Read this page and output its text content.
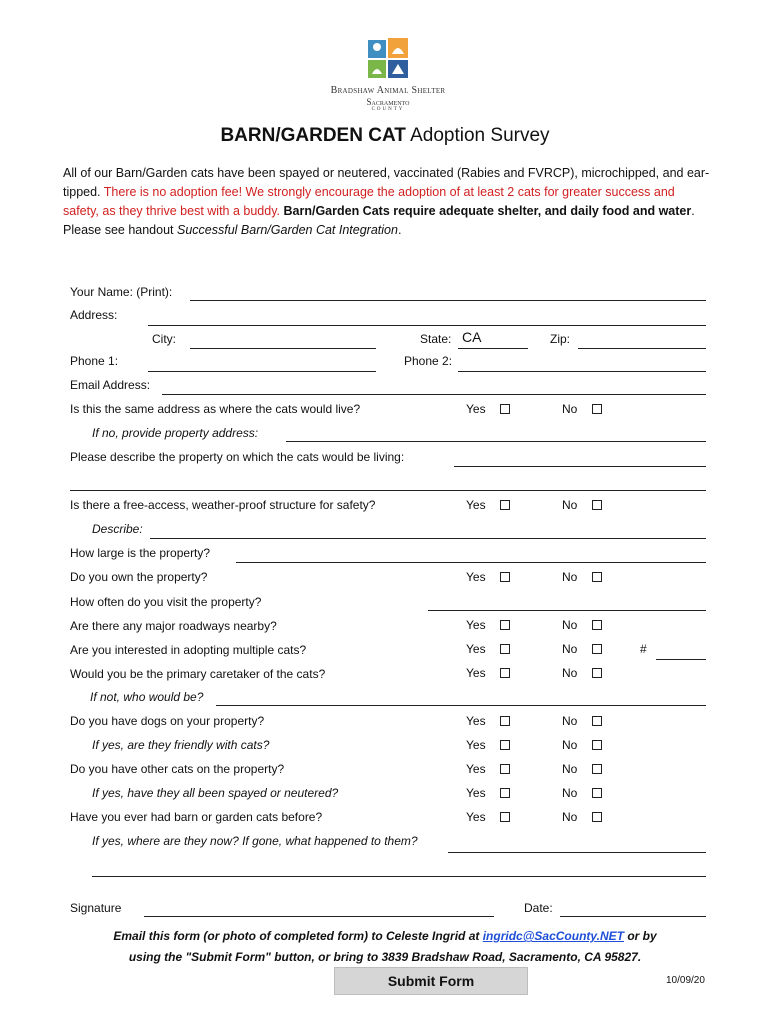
Bradshaw Animal Shelter
Sacramento
COUNTY
BARN/GARDEN CAT Adoption Survey
All of our Barn/Garden cats have been spayed or neutered, vaccinated (Rabies and FVRCP), microchipped, and ear-tipped. There is no adoption fee! We strongly encourage the adoption of at least 2 cats for greater success and safety, as they thrive best with a buddy. Barn/Garden Cats require adequate shelter, and daily food and water. Please see handout Successful Barn/Garden Cat Integration.
Your Name: (Print):
Address:
City:	State: CA	Zip:
Phone 1:	Phone 2:
Email Address:
Is this the same address as where the cats would live?	Yes	No
If no, provide property address:
Please describe the property on which the cats would be living:
Is there a free-access, weather-proof structure for safety?	Yes	No
Describe:
How large is the property?
Do you own the property?	Yes	No
How often do you visit the property?
Are there any major roadways nearby?	Yes	No
Are you interested in adopting multiple cats?	Yes	No	#
Would you be the primary caretaker of the cats?	Yes	No
If not, who would be?
Do you have dogs on your property?	Yes	No
If yes, are they friendly with cats?	Yes	No
Do you have other cats on the property?	Yes	No
If yes, have they all been spayed or neutered?	Yes	No
Have you ever had barn or garden cats before?	Yes	No
If yes, where are they now? If gone, what happened to them?
Signature	Date:
Email this form (or photo of completed form) to Celeste Ingrid at ingridc@SacCounty.NET or by
using the "Submit Form" button, or bring to 3839 Bradshaw Road, Sacramento, CA 95827.
Submit Form	10/09/20
